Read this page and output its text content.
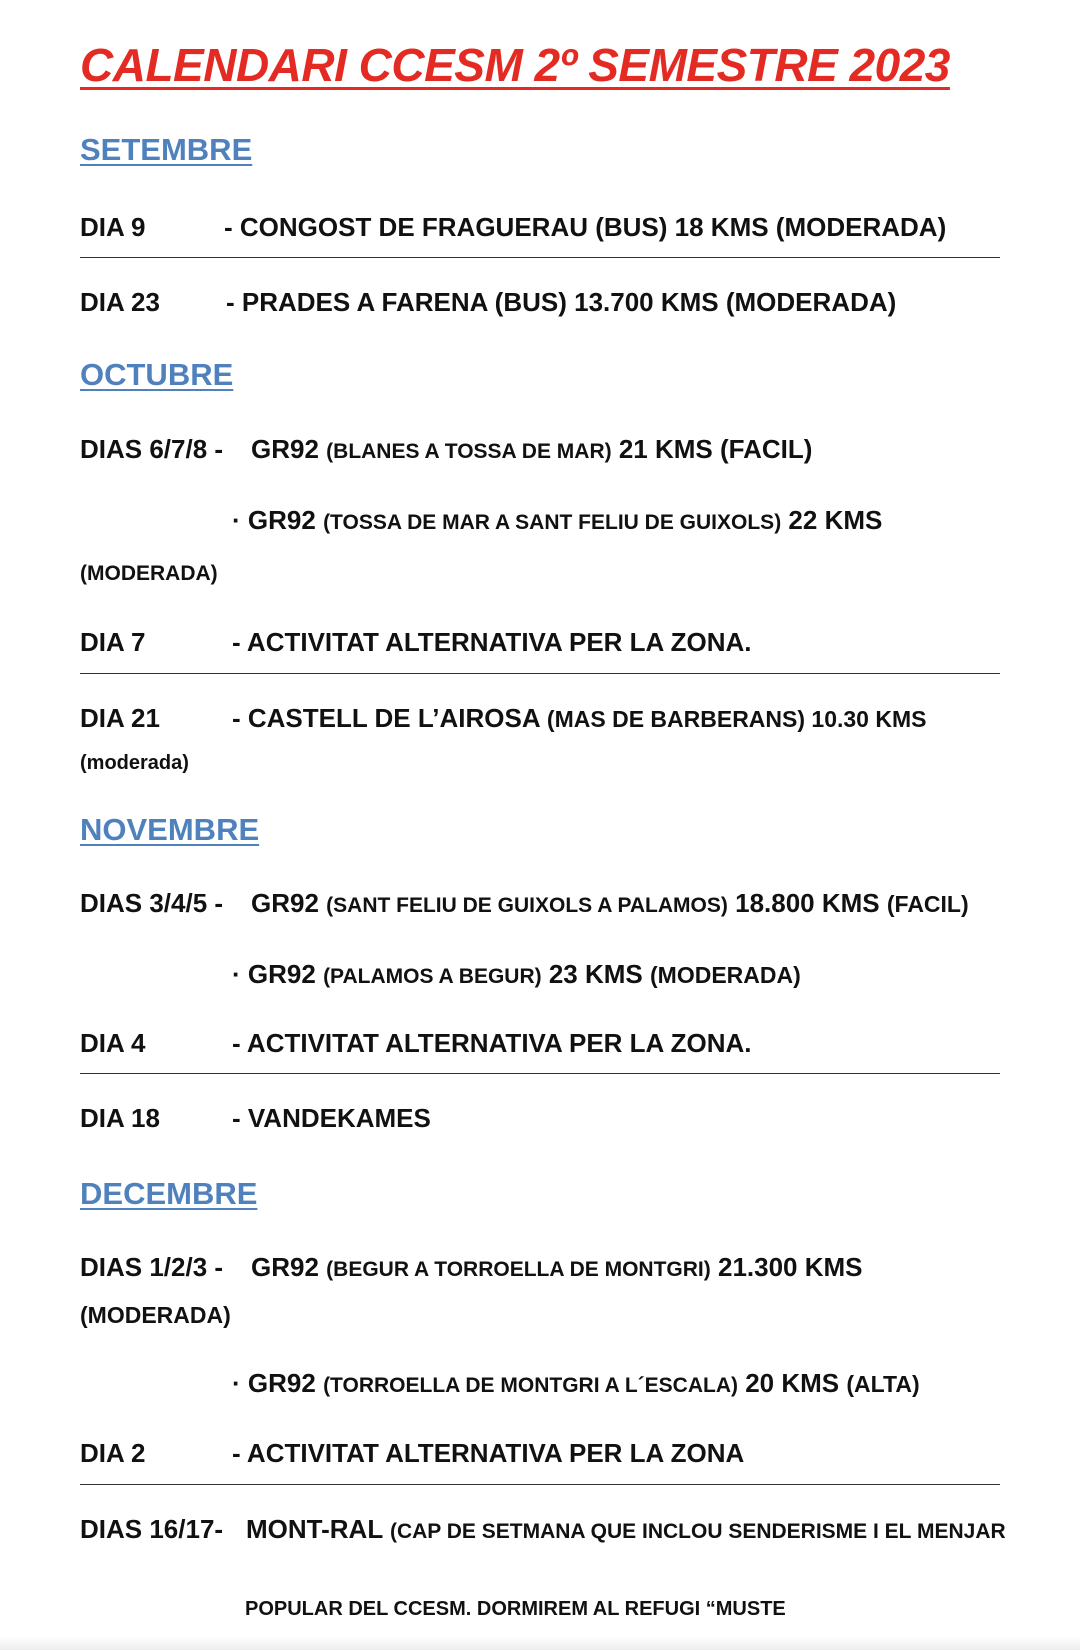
CALENDARI CCESM 2º SEMESTRE 2023
SETEMBRE
DIA 9	- CONGOST DE FRAGUERAU (BUS) 18 KMS (MODERADA)
DIA 23	- PRADES A FARENA (BUS) 13.700 KMS (MODERADA)
OCTUBRE
DIAS 6/7/8 - GR92 (BLANES A TOSSA DE MAR) 21 KMS (FACIL)
· GR92 (TOSSA DE MAR A SANT FELIU DE GUIXOLS) 22 KMS
(MODERADA)
DIA 7	- ACTIVITAT ALTERNATIVA PER LA ZONA.
DIA 21	- CASTELL DE L’AIROSA (MAS DE BARBERANS) 10.30 KMS
(moderada)
NOVEMBRE
DIAS 3/4/5 - GR92 (SANT FELIU DE GUIXOLS A PALAMOS) 18.800 KMS (FACIL)
· GR92 (PALAMOS A BEGUR) 23 KMS (MODERADA)
DIA 4	- ACTIVITAT ALTERNATIVA PER LA ZONA.
DIA 18	- VANDEKAMES
DECEMBRE
DIAS 1/2/3 - GR92 (BEGUR A TORROELLA DE MONTGRI) 21.300 KMS
(MODERADA)
· GR92 (TORROELLA DE MONTGRI A L´ESCALA) 20 KMS (ALTA)
DIA 2	- ACTIVITAT ALTERNATIVA PER LA ZONA
DIAS 16/17- MONT-RAL (CAP DE SETMANA QUE INCLOU SENDERISME I EL MENJAR
POPULAR DEL CCESM. DORMIREM AL REFUGI “MUSTE
